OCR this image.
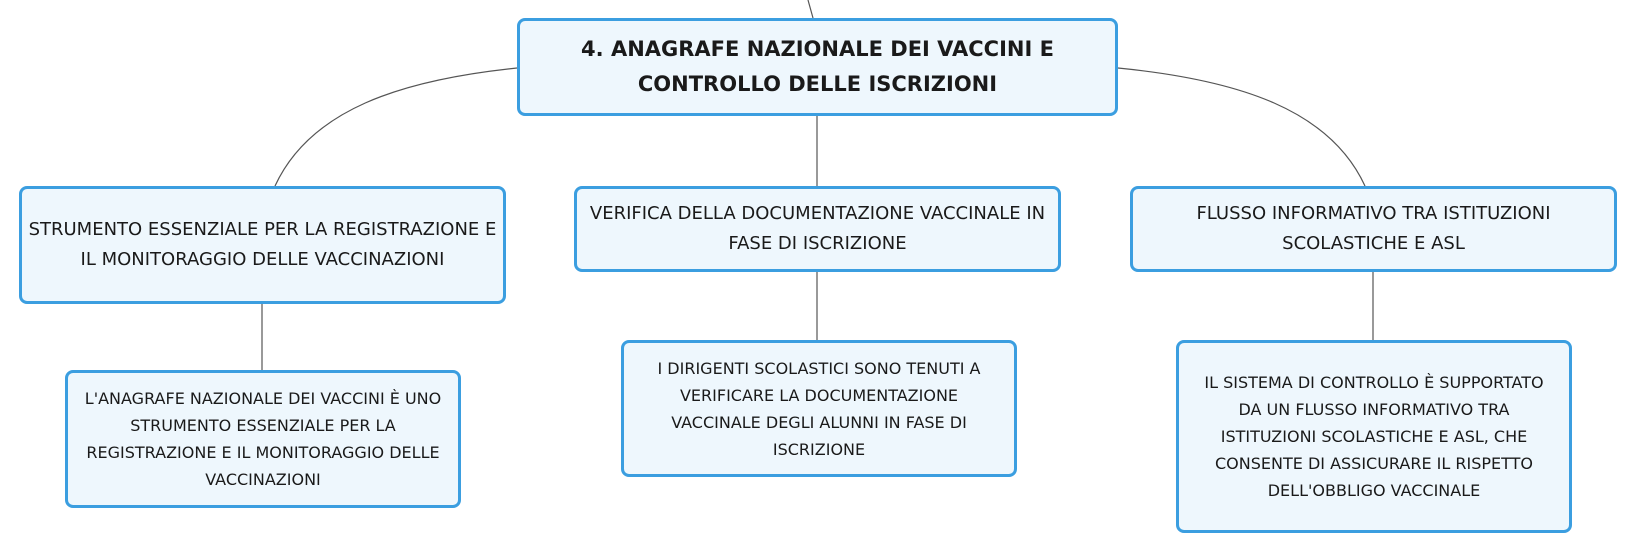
4. ANAGRAFE NAZIONALE DEI VACCINI E
CONTROLLO DELLE ISCRIZIONI
STRUMENTO ESSENZIALE PER LA REGISTRAZIONE E
IL MONITORAGGIO DELLE VACCINAZIONI
VERIFICA DELLA DOCUMENTAZIONE VACCINALE IN
FASE DI ISCRIZIONE
FLUSSO INFORMATIVO TRA ISTITUZIONI
SCOLASTICHE E ASL
L'ANAGRAFE NAZIONALE DEI VACCINI È UNO
STRUMENTO ESSENZIALE PER LA
REGISTRAZIONE E IL MONITORAGGIO DELLE
VACCINAZIONI
I DIRIGENTI SCOLASTICI SONO TENUTI A
VERIFICARE LA DOCUMENTAZIONE
VACCINALE DEGLI ALUNNI IN FASE DI
ISCRIZIONE
IL SISTEMA DI CONTROLLO È SUPPORTATO
DA UN FLUSSO INFORMATIVO TRA
ISTITUZIONI SCOLASTICHE E ASL, CHE
CONSENTE DI ASSICURARE IL RISPETTO
DELL'OBBLIGO VACCINALE
